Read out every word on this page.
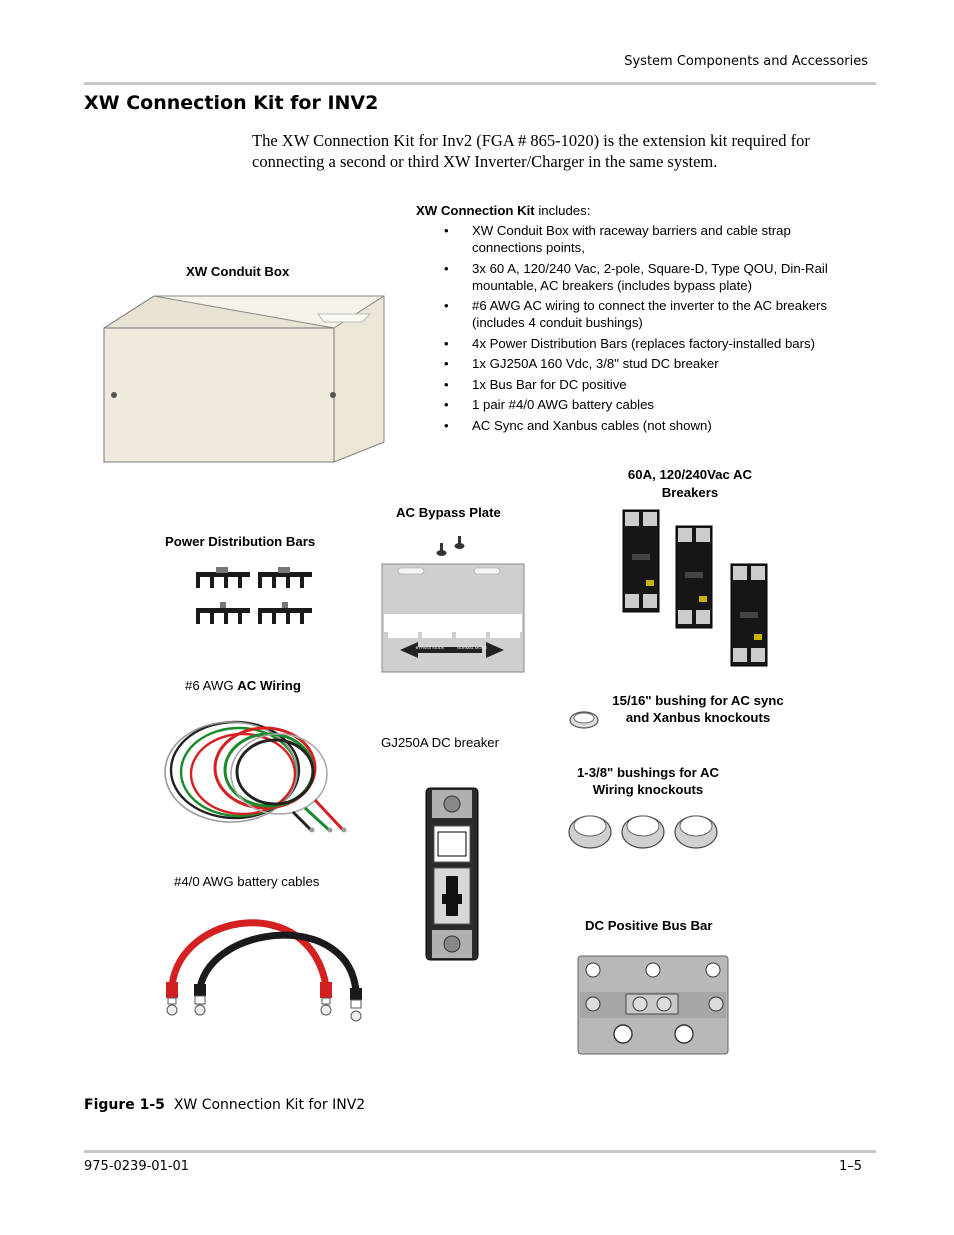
System Components and Accessories
XW Connection Kit for INV2
The XW Connection Kit for Inv2 (FGA # 865-1020) is the extension kit required for connecting a second or third XW Inverter/Charger in the same system.
XW Connection Kit includes:
• XW Conduit Box with raceway barriers and cable strap connections points,
• 3x 60 A, 120/240 Vac, 2-pole, Square-D, Type QOU, Din-Rail mountable, AC breakers (includes bypass plate)
• #6 AWG AC wiring to connect the inverter to the AC breakers (includes 4 conduit bushings)
• 4x Power Distribution Bars (replaces factory-installed bars)
• 1x GJ250A 160 Vdc, 3/8" stud DC breaker
• 1x Bus Bar for DC positive
• 1 pair #4/0 AWG battery cables
• AC Sync and Xanbus cables (not shown)
XW Conduit Box
60A, 120/240Vac AC
Breakers
AC Bypass Plate
BYPASS MODE	NORMAL MODE
Power Distribution Bars
#6 AWG AC Wiring
15/16" bushing for AC sync
and Xanbus knockouts
GJ250A DC breaker
1-3/8" bushings for AC
Wiring knockouts
#4/0 AWG battery cables
DC Positive Bus Bar
Figure 1-5 XW Connection Kit for INV2
975-0239-01-01	1–5
